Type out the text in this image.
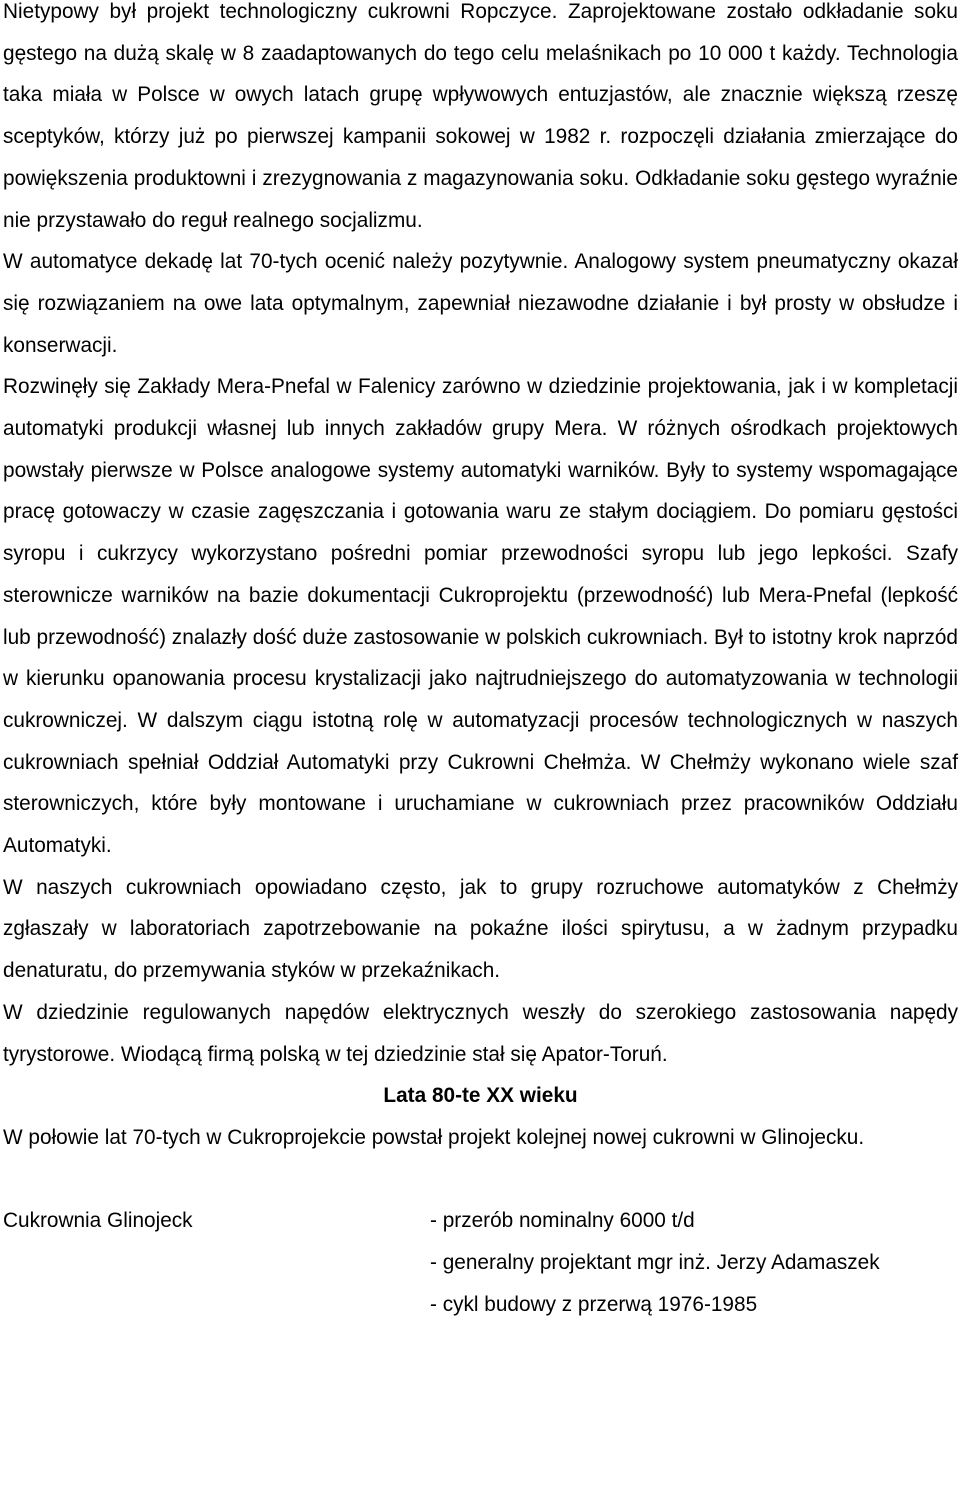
Nietypowy był projekt technologiczny cukrowni Ropczyce. Zaprojektowane zostało odkładanie soku gęstego na dużą skalę w 8 zaadaptowanych do tego celu melaśnikach po 10 000 t każdy. Technologia taka miała w Polsce w owych latach grupę wpływowych entuzjastów, ale znacznie większą rzeszę sceptyków, którzy już po pierwszej kampanii sokowej w 1982 r. rozpoczęli działania zmierzające do powiększenia produktowni i zrezygnowania z magazynowania soku. Odkładanie soku gęstego wyraźnie nie przystawało do reguł realnego socjalizmu.

W automatyce dekadę lat 70-tych ocenić należy pozytywnie. Analogowy system pneumatyczny okazał się rozwiązaniem na owe lata optymalnym, zapewniał niezawodne działanie i był prosty w obsłudze i konserwacji.

Rozwinęły się Zakłady Mera-Pnefal w Falenicy zarówno w dziedzinie projektowania, jak i w kompletacji automatyki produkcji własnej lub innych zakładów grupy Mera. W różnych ośrodkach projektowych powstały pierwsze w Polsce analogowe systemy automatyki warników. Były to systemy wspomagające pracę gotowaczy w czasie zagęszczania i gotowania waru ze stałym dociągiem. Do pomiaru gęstości syropu i cukrzycy wykorzystano pośredni pomiar przewodności syropu lub jego lepkości. Szafy sterownicze warników na bazie dokumentacji Cukroprojektu (przewodność) lub Mera-Pnefal (lepkość lub przewodność) znalazły dość duże zastosowanie w polskich cukrowniach. Był to istotny krok naprzód w kierunku opanowania procesu krystalizacji jako najtrudniejszego do automatyzowania w technologii cukrowniczej. W dalszym ciągu istotną rolę w automatyzacji procesów technologicznych w naszych cukrowniach spełniał Oddział Automatyki przy Cukrowni Chełmża. W Chełmży wykonano wiele szaf sterowniczych, które były montowane i uruchamiane w cukrowniach przez pracowników Oddziału Automatyki.

W naszych cukrowniach opowiadano często, jak to grupy rozruchowe automatyków z Chełmży zgłaszały w laboratoriach zapotrzebowanie na pokaźne ilości spirytusu, a w żadnym przypadku denaturatu, do przemywania styków w przekaźnikach.

W dziedzinie regulowanych napędów elektrycznych weszły do szerokiego zastosowania napędy tyrystorowe. Wiodącą firmą polską w tej dziedzinie stał się Apator-Toruń.

Lata 80-te XX wieku

W połowie lat 70-tych w Cukroprojekcie powstał projekt kolejnej nowej cukrowni w Glinojecku.

Cukrownia Glinojeck	- przerób nominalny 6000 t/d
- generalny projektant mgr inż. Jerzy Adamaszek
- cykl budowy z przerwą 1976-1985
